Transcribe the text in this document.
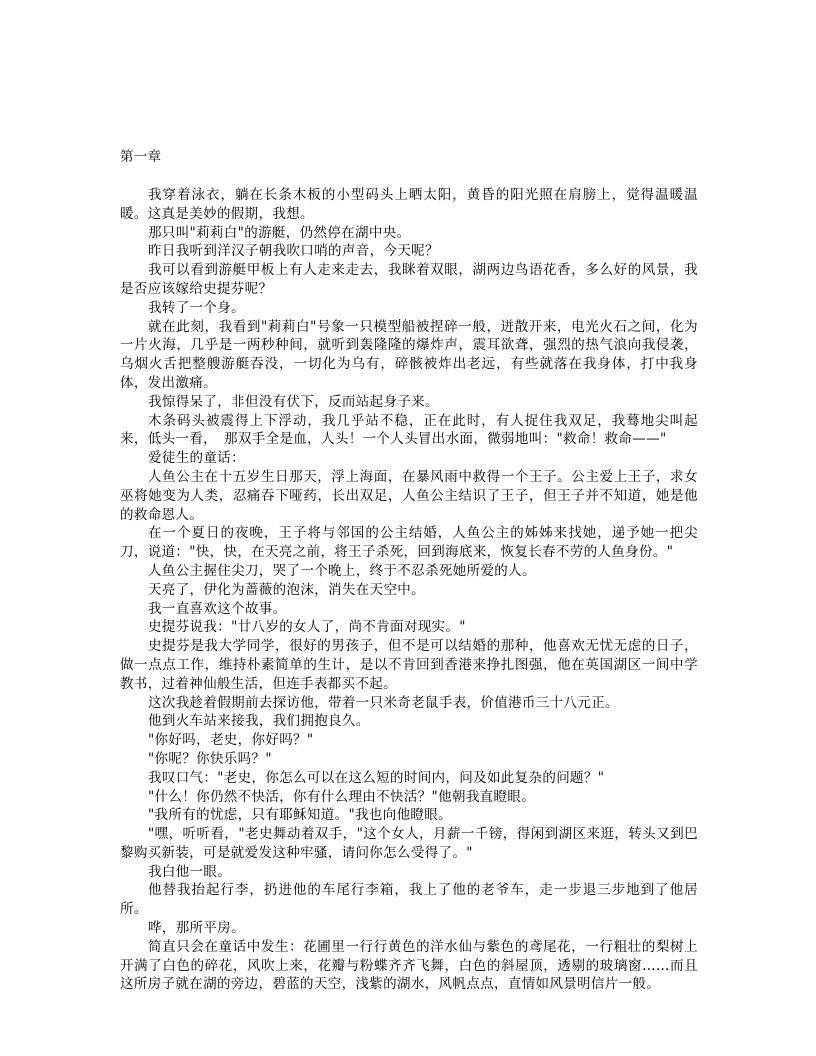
第一章

我穿着泳衣，躺在长条木板的小型码头上晒太阳，黄昏的阳光照在肩膀上，觉得温暖温暖。这真是美妙的假期，我想。

那只叫"莉莉白"的游艇，仍然停在湖中央。

昨日我听到洋汉子朝我吹口哨的声音，今天呢？

我可以看到游艇甲板上有人走来走去，我眯着双眼，湖两边鸟语花香，多么好的风景，我是否应该嫁给史提芬呢？

我转了一个身。

就在此刻，我看到"莉莉白"号象一只模型船被捏碎一般，迸散开来，电光火石之间，化为一片火海，几乎是一两秒种间，就听到轰隆隆的爆炸声，震耳欲聋，强烈的热气浪向我侵袭，乌烟火舌把整艘游艇吞没，一切化为乌有，碎骸被炸出老远，有些就落在我身体，打中我身体，发出激痛。

我惊得呆了，非但没有伏下，反而站起身子来。

木条码头被震得上下浮动，我几乎站不稳，正在此时，有人捉住我双足，我蓦地尖叫起来，低头一看，　那双手全是血，人头！一个人头冒出水面，微弱地叫："救命！救命——"

爱徒生的童话：

人鱼公主在十五岁生日那天，浮上海面，在暴风雨中救得一个王子。公主爱上王子，求女巫将她变为人类，忍痛吞下哑药，长出双足，人鱼公主结识了王子，但王子并不知道，她是他的救命恩人。

在一个夏日的夜晚，王子将与邻国的公主结婚，人鱼公主的姊姊来找她，递予她一把尖刀，说道："快，快，在天亮之前，将王子杀死，回到海底来，恢复长春不劳的人鱼身份。"

人鱼公主握住尖刀，哭了一个晚上，终于不忍杀死她所爱的人。

天亮了，伊化为蔷薇的泡沫，消失在天空中。

我一直喜欢这个故事。

史提芬说我："廿八岁的女人了，尚不肯面对现实。"

史提芬是我大学同学，很好的男孩子，但不是可以结婚的那种，他喜欢无忧无虑的日子，做一点点工作，维持朴素简单的生计，是以不肯回到香港来挣扎图强，他在英国湖区一间中学教书，过着神仙般生活，但连手表都买不起。

这次我趁着假期前去探访他，带着一只米奇老鼠手表，价值港币三十八元正。

他到火车站来接我，我们拥抱良久。

"你好吗，老史，你好吗？"

"你呢？你快乐吗？"

我叹口气："老史，你怎么可以在这么短的时间内，问及如此复杂的问题？"

"什么！你仍然不快活，你有什么理由不快活？"他朝我直瞪眼。

"我所有的忧虑，只有耶稣知道。"我也向他瞪眼。

"嘿，听听看，"老史舞动着双手，"这个女人，月薪一千镑，得闲到湖区来逛，转头又到巴黎购买新装，可是就爱发这种牢骚，请问你怎么受得了。"

我白他一眼。

他替我抬起行李，扔进他的车尾行李箱，我上了他的老爷车，走一步退三步地到了他居所。

哗，那所平房。

简直只会在童话中发生：花圃里一行行黄色的洋水仙与紫色的鸢尾花，一行粗壮的梨树上开满了白色的碎花，风吹上来，花瓣与粉蝶齐齐飞舞，白色的斜屋顶，透剔的玻璃窗……而且这所房子就在湖的旁边，碧蓝的天空，浅紫的湖水，风帆点点，直情如风景明信片一般。
